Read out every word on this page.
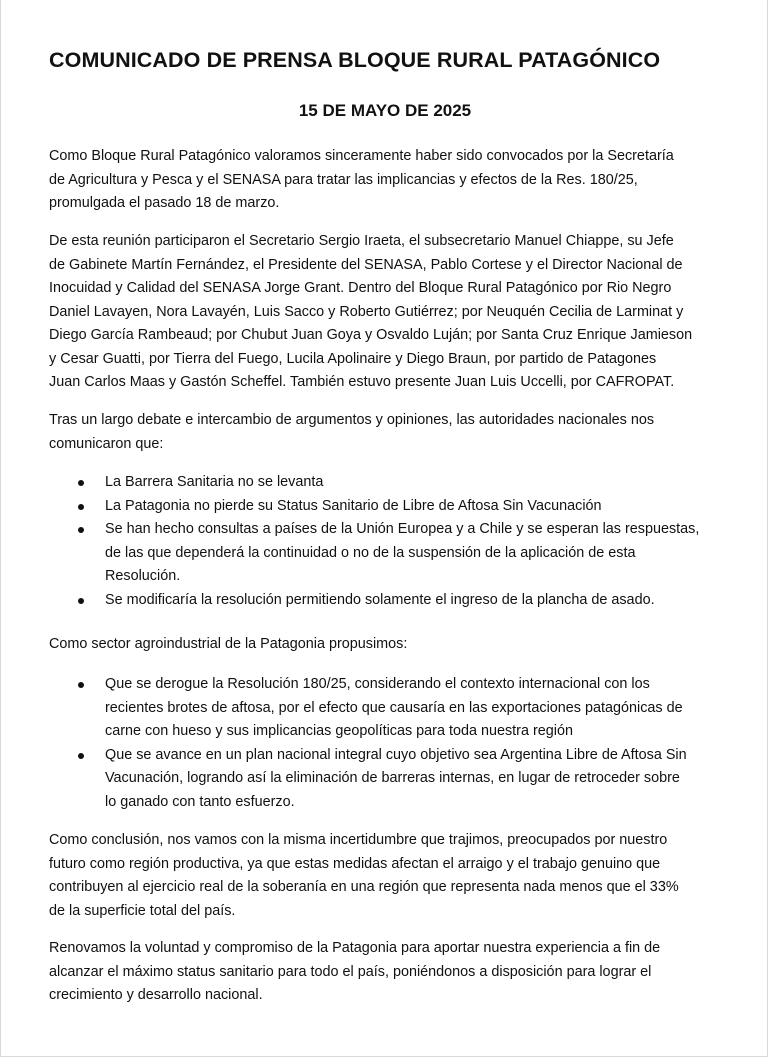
COMUNICADO DE PRENSA BLOQUE RURAL PATAGÓNICO
15 DE MAYO DE 2025

Como Bloque Rural Patagónico valoramos sinceramente haber sido convocados por la Secretaría
de Agricultura y Pesca y el SENASA para tratar las implicancias y efectos de la Res. 180/25,
promulgada el pasado 18 de marzo.

De esta reunión participaron el Secretario Sergio Iraeta, el subsecretario Manuel Chiappe, su Jefe
de Gabinete Martín Fernández, el Presidente del SENASA, Pablo Cortese y el Director Nacional de
Inocuidad y Calidad del SENASA Jorge Grant. Dentro del Bloque Rural Patagónico por Rio Negro
Daniel Lavayen, Nora Lavayén, Luis Sacco y Roberto Gutiérrez; por Neuquén Cecilia de Larminat y
Diego García Rambeaud; por Chubut Juan Goya y Osvaldo Luján; por Santa Cruz Enrique Jamieson
y Cesar Guatti, por Tierra del Fuego, Lucila Apolinaire y Diego Braun, por partido de Patagones
Juan Carlos Maas y Gastón Scheffel. También estuvo presente Juan Luis Uccelli, por CAFROPAT.

Tras un largo debate e intercambio de argumentos y opiniones, las autoridades nacionales nos
comunicaron que:

La Barrera Sanitaria no se levanta
La Patagonia no pierde su Status Sanitario de Libre de Aftosa Sin Vacunación
Se han hecho consultas a países de la Unión Europea y a Chile y se esperan las respuestas,
de las que dependerá la continuidad o no de la suspensión de la aplicación de esta
Resolución.
Se modificaría la resolución permitiendo solamente el ingreso de la plancha de asado.

Como sector agroindustrial de la Patagonia propusimos:

Que se derogue la Resolución 180/25, considerando el contexto internacional con los
recientes brotes de aftosa, por el efecto que causaría en las exportaciones patagónicas de
carne con hueso y sus implicancias geopolíticas para toda nuestra región
Que se avance en un plan nacional integral cuyo objetivo sea Argentina Libre de Aftosa Sin
Vacunación, logrando así la eliminación de barreras internas, en lugar de retroceder sobre
lo ganado con tanto esfuerzo.

Como conclusión, nos vamos con la misma incertidumbre que trajimos, preocupados por nuestro
futuro como región productiva, ya que estas medidas afectan el arraigo y el trabajo genuino que
contribuyen al ejercicio real de la soberanía en una región que representa nada menos que el 33%
de la superficie total del país.

Renovamos la voluntad y compromiso de la Patagonia para aportar nuestra experiencia a fin de
alcanzar el máximo status sanitario para todo el país, poniéndonos a disposición para lograr el
crecimiento y desarrollo nacional.
